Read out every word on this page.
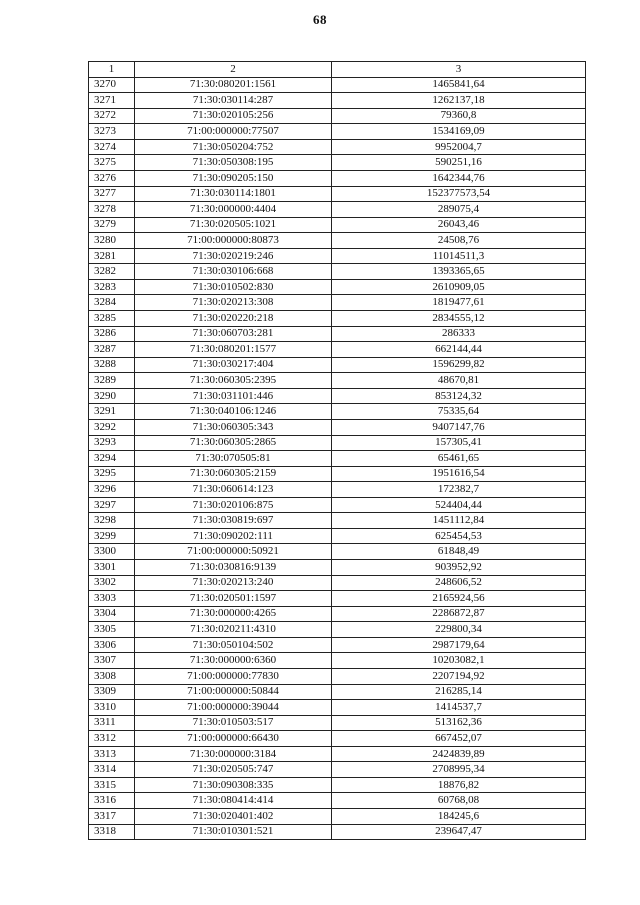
68
1	2	3
3270	71:30:080201:1561	1465841,64
3271	71:30:030114:287	1262137,18
3272	71:30:020105:256	79360,8
3273	71:00:000000:77507	1534169,09
3274	71:30:050204:752	9952004,7
3275	71:30:050308:195	590251,16
3276	71:30:090205:150	1642344,76
3277	71:30:030114:1801	152377573,54
3278	71:30:000000:4404	289075,4
3279	71:30:020505:1021	26043,46
3280	71:00:000000:80873	24508,76
3281	71:30:020219:246	11014511,3
3282	71:30:030106:668	1393365,65
3283	71:30:010502:830	2610909,05
3284	71:30:020213:308	1819477,61
3285	71:30:020220:218	2834555,12
3286	71:30:060703:281	286333
3287	71:30:080201:1577	662144,44
3288	71:30:030217:404	1596299,82
3289	71:30:060305:2395	48670,81
3290	71:30:031101:446	853124,32
3291	71:30:040106:1246	75335,64
3292	71:30:060305:343	9407147,76
3293	71:30:060305:2865	157305,41
3294	71:30:070505:81	65461,65
3295	71:30:060305:2159	1951616,54
3296	71:30:060614:123	172382,7
3297	71:30:020106:875	524404,44
3298	71:30:030819:697	1451112,84
3299	71:30:090202:111	625454,53
3300	71:00:000000:50921	61848,49
3301	71:30:030816:9139	903952,92
3302	71:30:020213:240	248606,52
3303	71:30:020501:1597	2165924,56
3304	71:30:000000:4265	2286872,87
3305	71:30:020211:4310	229800,34
3306	71:30:050104:502	2987179,64
3307	71:30:000000:6360	10203082,1
3308	71:00:000000:77830	2207194,92
3309	71:00:000000:50844	216285,14
3310	71:00:000000:39044	1414537,7
3311	71:30:010503:517	513162,36
3312	71:00:000000:66430	667452,07
3313	71:30:000000:3184	2424839,89
3314	71:30:020505:747	2708995,34
3315	71:30:090308:335	18876,82
3316	71:30:080414:414	60768,08
3317	71:30:020401:402	184245,6
3318	71:30:010301:521	239647,47
